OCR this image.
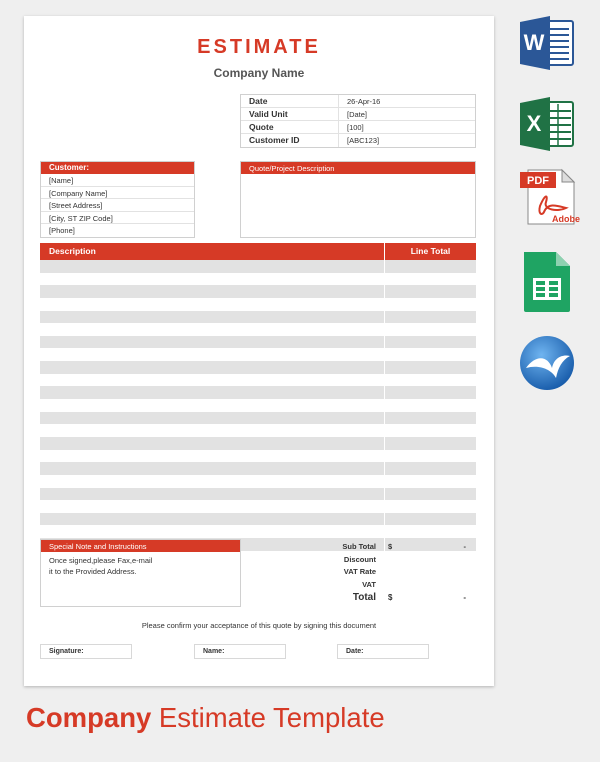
ESTIMATE
Company Name
Date	26-Apr-16
Valid Unit	[Date]
Quote	[100]
Customer ID	[ABC123]
Customer:
[Name]
[Company Name]
[Street Address]
[City, ST ZIP Code]
[Phone]
Quote/Project Description
Description	Line Total
Special Note and Instructions
Once signed,please Fax,e-mail
it to the Provided Address.
Sub Total	$	-
Discount
VAT Rate
VAT
Total	$	-
Please confirm your acceptance of this quote by signing this document
Signature:	Name:	Date:
W
X
PDF
Adobe
Company Estimate Template
